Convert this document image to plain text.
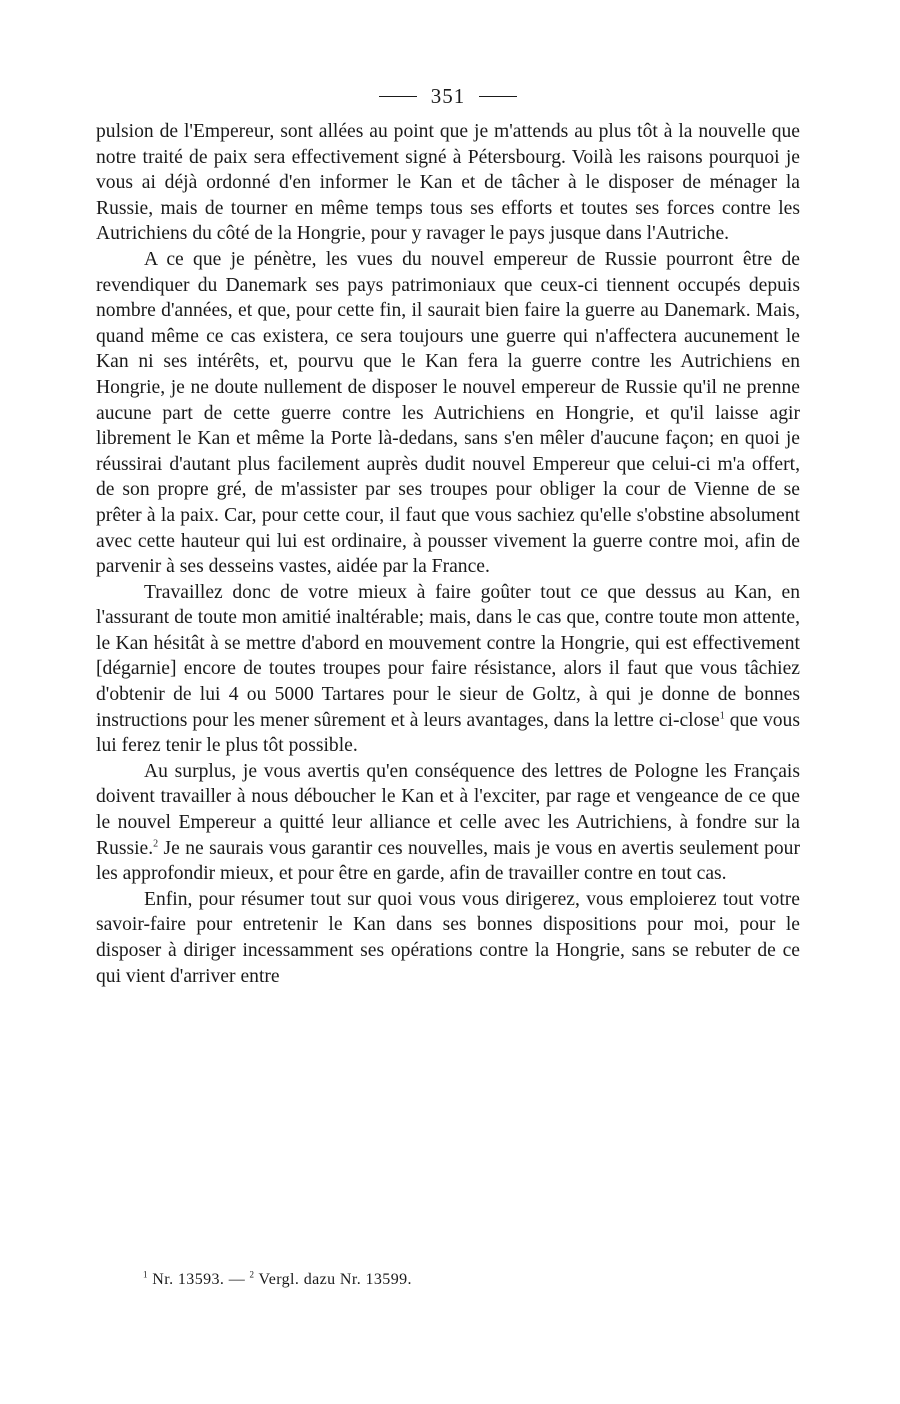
351

pulsion de l'Empereur, sont allées au point que je m'attends au plus tôt à la nouvelle que notre traité de paix sera effectivement signé à Pétersbourg. Voilà les raisons pourquoi je vous ai déjà ordonné d'en informer le Kan et de tâcher à le disposer de ménager la Russie, mais de tourner en même temps tous ses efforts et toutes ses forces contre les Autrichiens du côté de la Hongrie, pour y ravager le pays jusque dans l'Autriche.

A ce que je pénètre, les vues du nouvel empereur de Russie pourront être de revendiquer du Danemark ses pays patrimoniaux que ceux-ci tiennent occupés depuis nombre d'années, et que, pour cette fin, il saurait bien faire la guerre au Danemark. Mais, quand même ce cas existera, ce sera toujours une guerre qui n'affectera aucunement le Kan ni ses intérêts, et, pourvu que le Kan fera la guerre contre les Autrichiens en Hongrie, je ne doute nullement de disposer le nouvel empereur de Russie qu'il ne prenne aucune part de cette guerre contre les Autrichiens en Hongrie, et qu'il laisse agir librement le Kan et même la Porte là-dedans, sans s'en mêler d'aucune façon; en quoi je réussirai d'autant plus facilement auprès dudit nouvel Empereur que celui-ci m'a offert, de son propre gré, de m'assister par ses troupes pour obliger la cour de Vienne de se prêter à la paix. Car, pour cette cour, il faut que vous sachiez qu'elle s'obstine absolument avec cette hauteur qui lui est ordinaire, à pousser vivement la guerre contre moi, afin de parvenir à ses desseins vastes, aidée par la France.

Travaillez donc de votre mieux à faire goûter tout ce que dessus au Kan, en l'assurant de toute mon amitié inaltérable; mais, dans le cas que, contre toute mon attente, le Kan hésitât à se mettre d'abord en mouvement contre la Hongrie, qui est effectivement [dégarnie] encore de toutes troupes pour faire résistance, alors il faut que vous tâchiez d'obtenir de lui 4 ou 5000 Tartares pour le sieur de Goltz, à qui je donne de bonnes instructions pour les mener sûrement et à leurs avantages, dans la lettre ci-close$^1$ que vous lui ferez tenir le plus tôt possible.

Au surplus, je vous avertis qu'en conséquence des lettres de Pologne les Français doivent travailler à nous déboucher le Kan et à l'exciter, par rage et vengeance de ce que le nouvel Empereur a quitté leur alliance et celle avec les Autrichiens, à fondre sur la Russie.$^2$ Je ne saurais vous garantir ces nouvelles, mais je vous en avertis seulement pour les approfondir mieux, et pour être en garde, afin de travailler contre en tout cas.

Enfin, pour résumer tout sur quoi vous vous dirigerez, vous emploierez tout votre savoir-faire pour entretenir le Kan dans ses bonnes dispositions pour moi, pour le disposer à diriger incessamment ses opérations contre la Hongrie, sans se rebuter de ce qui vient d'arriver entre

$^1$ Nr. 13593. — $^2$ Vergl. dazu Nr. 13599.
